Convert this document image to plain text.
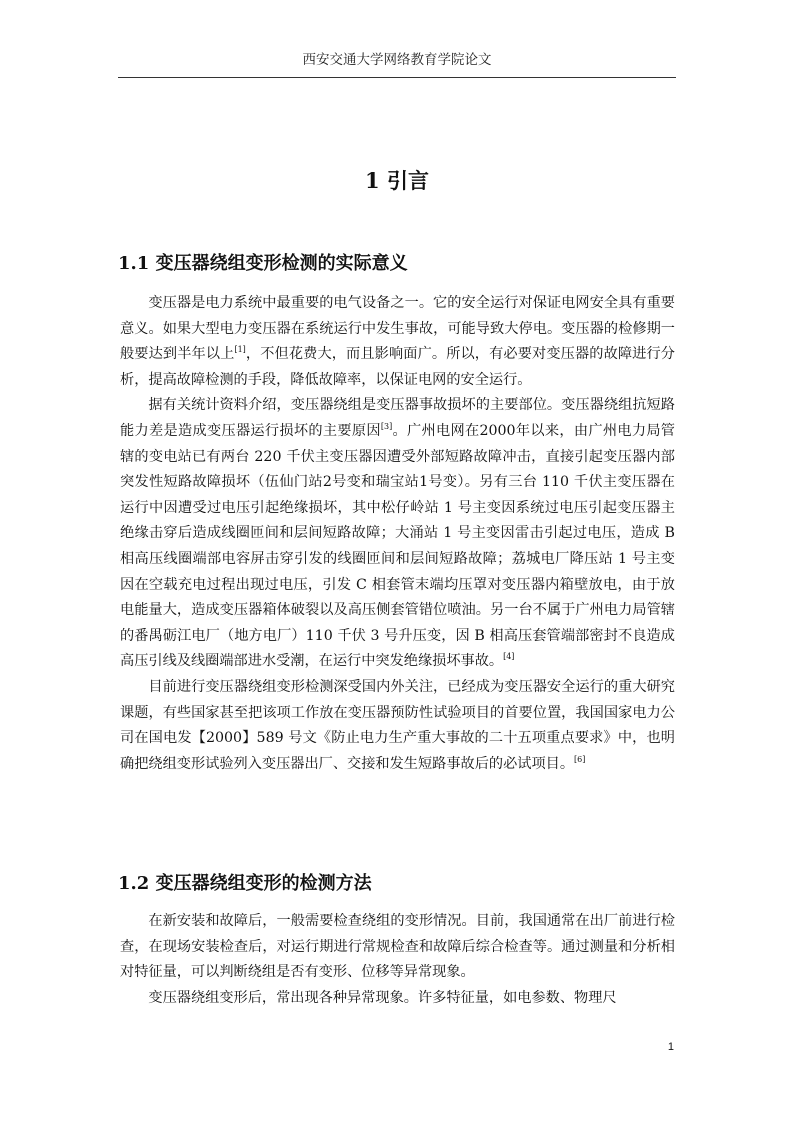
西安交通大学网络教育学院论文
1 引言
1.1 变压器绕组变形检测的实际意义

变压器是电力系统中最重要的电气设备之一。它的安全运行对保证电网安全具有重要意义。如果大型电力变压器在系统运行中发生事故，可能导致大停电。变压器的检修期一般要达到半年以上[1]，不但花费大，而且影响面广。所以，有必要对变压器的故障进行分析，提高故障检测的手段，降低故障率，以保证电网的安全运行。

据有关统计资料介绍，变压器绕组是变压器事故损坏的主要部位。变压器绕组抗短路能力差是造成变压器运行损坏的主要原因[3]。广州电网在2000年以来，由广州电力局管辖的变电站已有两台 220 千伏主变压器因遭受外部短路故障冲击，直接引起变压器内部突发性短路故障损坏（伍仙门站2号变和瑞宝站1号变）。另有三台 110 千伏主变压器在运行中因遭受过电压引起绝缘损坏，其中松仔岭站 1 号主变因系统过电压引起变压器主绝缘击穿后造成线圈匝间和层间短路故障；大涌站 1 号主变因雷击引起过电压，造成 B 相高压线圈端部电容屏击穿引发的线圈匝间和层间短路故障；荔城电厂降压站 1 号主变因在空载充电过程出现过电压，引发 C 相套管末端均压罩对变压器内箱壁放电，由于放电能量大，造成变压器箱体破裂以及高压侧套管错位喷油。另一台不属于广州电力局管辖的番禺砺江电厂（地方电厂）110 千伏 3 号升压变，因 B 相高压套管端部密封不良造成高压引线及线圈端部进水受潮，在运行中突发绝缘损坏事故。[4]

目前进行变压器绕组变形检测深受国内外关注，已经成为变压器安全运行的重大研究课题，有些国家甚至把该项工作放在变压器预防性试验项目的首要位置，我国国家电力公司在国电发【2000】589 号文《防止电力生产重大事故的二十五项重点要求》中，也明确把绕组变形试验列入变压器出厂、交接和发生短路事故后的必试项目。[6]

1.2 变压器绕组变形的检测方法

在新安装和故障后，一般需要检查绕组的变形情况。目前，我国通常在出厂前进行检查，在现场安装检查后，对运行期进行常规检查和故障后综合检查等。通过测量和分析相对特征量，可以判断绕组是否有变形、位移等异常现象。

变压器绕组变形后，常出现各种异常现象。许多特征量，如电参数、物理尺

1
